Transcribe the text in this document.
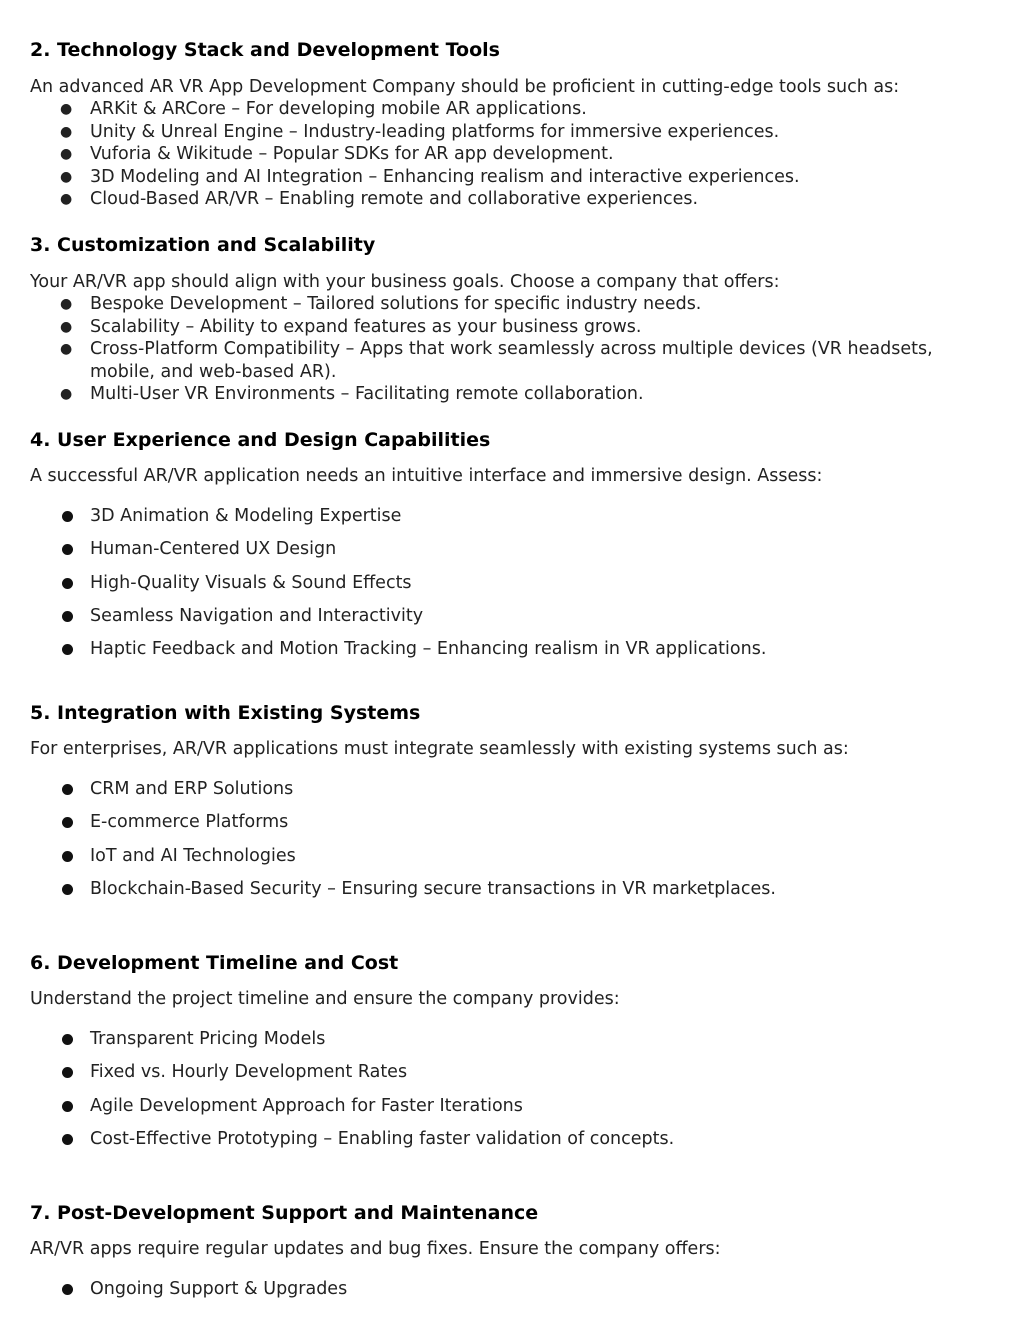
2. Technology Stack and Development Tools

An advanced AR VR App Development Company should be proficient in cutting-edge tools such as:

● ARKit & ARCore – For developing mobile AR applications.
● Unity & Unreal Engine – Industry-leading platforms for immersive experiences.
● Vuforia & Wikitude – Popular SDKs for AR app development.
● 3D Modeling and AI Integration – Enhancing realism and interactive experiences.
● Cloud-Based AR/VR – Enabling remote and collaborative experiences.
3. Customization and Scalability

Your AR/VR app should align with your business goals. Choose a company that offers:

● Bespoke Development – Tailored solutions for specific industry needs.
● Scalability – Ability to expand features as your business grows.
● Cross-Platform Compatibility – Apps that work seamlessly across multiple devices (VR headsets, mobile, and web-based AR).
● Multi-User VR Environments – Facilitating remote collaboration.
4. User Experience and Design Capabilities

A successful AR/VR application needs an intuitive interface and immersive design. Assess:

3D Animation & Modeling Expertise
Human-Centered UX Design
High-Quality Visuals & Sound Effects
Seamless Navigation and Interactivity
Haptic Feedback and Motion Tracking – Enhancing realism in VR applications.
5. Integration with Existing Systems

For enterprises, AR/VR applications must integrate seamlessly with existing systems such as:

CRM and ERP Solutions
E-commerce Platforms
IoT and AI Technologies
Blockchain-Based Security – Ensuring secure transactions in VR marketplaces.
6. Development Timeline and Cost

Understand the project timeline and ensure the company provides:

Transparent Pricing Models
Fixed vs. Hourly Development Rates
Agile Development Approach for Faster Iterations
Cost-Effective Prototyping – Enabling faster validation of concepts.
7. Post-Development Support and Maintenance

AR/VR apps require regular updates and bug fixes. Ensure the company offers:

Ongoing Support & Upgrades
